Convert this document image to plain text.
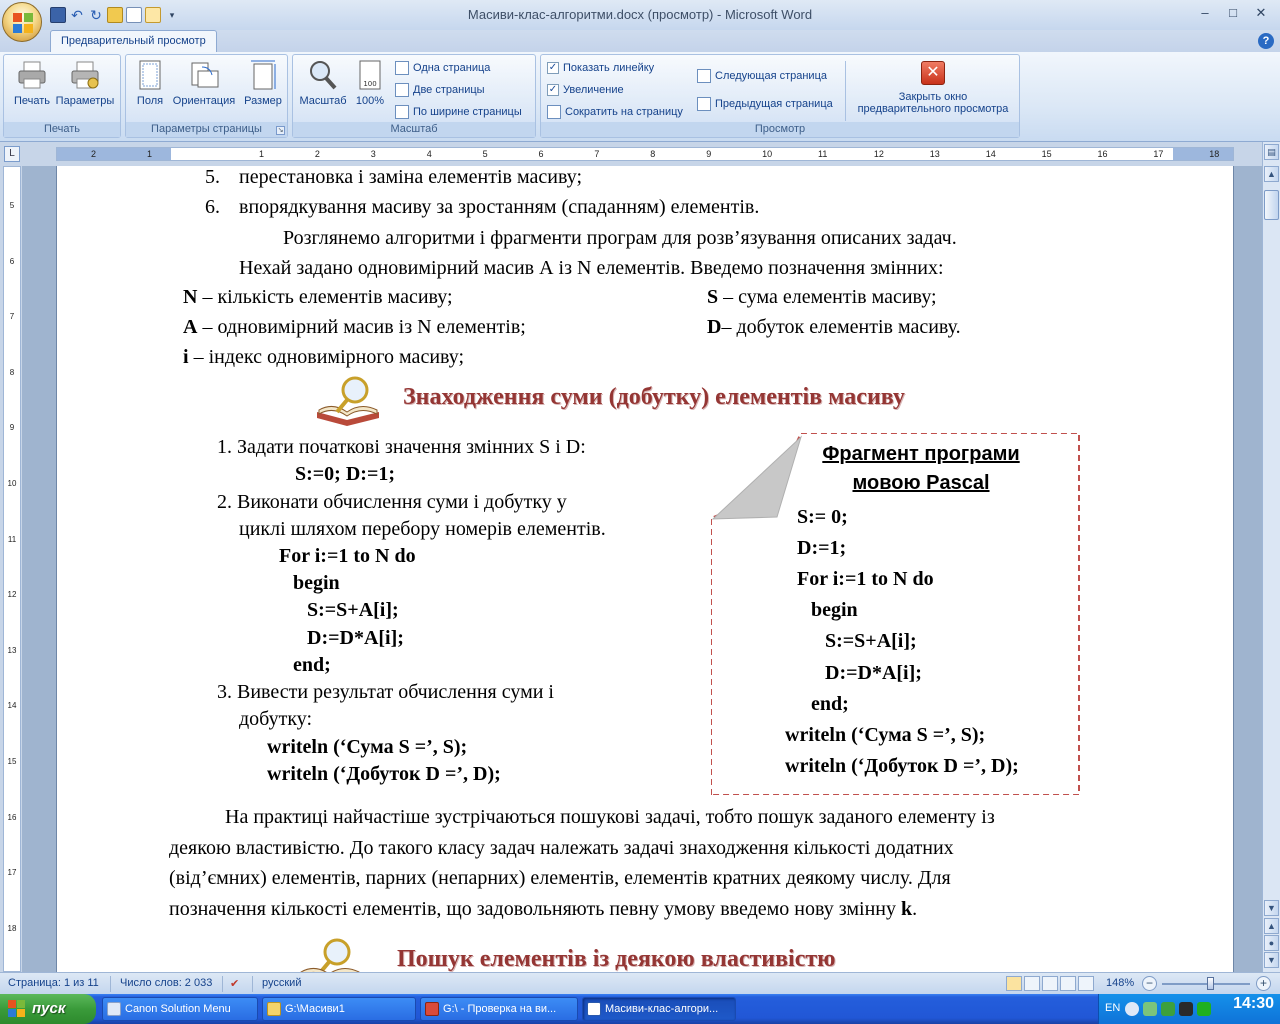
↶ ↻	▾	Масиви-клас-алгоритми.docx (просмотр) - Microsoft Word	–	□	✕
Предварительный просмотр	?
Печать Параметры
Печать
Поля Ориентация Размер
Параметры страницы	↘
Масштаб
100
100%
Одна страница
Две страницы
По ширине страницы
Масштаб
✓ Показать линейку
✓ Увеличение
Сократить на страницу
Следующая страница
Предыдущая страница
✕
Закрыть окно
предварительного просмотра
Просмотр
L	2	1	1	2	3	4	5	6	7	8	9	10	11	12	13	14	15	16	17	18
5
6
7
8
9
10
11
12
13
14
15
16
17
18
5. перестановка і заміна елементів масиву;
6. впорядкування масиву за зростанням (спаданням) елементів.
Розглянемо алгоритми і фрагменти програм для розв’язування описаних задач.
Нехай задано одновимірний масив А із N елементів. Введемо позначення змінних:
N – кількість елементів масиву;	S – сума елементів масиву;
А – одновимірний масив із N елементів;	D– добуток елементів масиву.
i – індекс одновимірного масиву;
Знаходження суми (добутку) елементів масиву
1. Задати початкові значення змінних S і D:
S:=0; D:=1;
2. Виконати обчислення суми і добутку у
циклі шляхом перебору номерів елементів.
For i:=1 to N do
begin
S:=S+A[i];
D:=D*A[i];
end;
3. Вивести результат обчислення суми і
добутку:
writeln (‘Сума S =’, S);
writeln (‘Добуток D =’, D);
Фрагмент програми
мовою Pascal
S:= 0;
D:=1;
For i:=1 to N do
begin
S:=S+A[i];
D:=D*A[i];
end;
writeln (‘Сума S =’, S);
writeln (‘Добуток D =’, D);
На практиці найчастіше зустрічаються пошукові задачі, тобто пошук заданого елементу із
деякою властивістю. До такого класу задач належать задачі знаходження кількості додатних
(від’ємних) елементів, парних (непарних) елементів, елементів кратних деякому числу. Для
позначення кількості елементів, що задовольняють певну умову введемо нову змінну k.
Пошук елементів із деякою властивістю
▤
▲
▼
▲
●
▼
Страница: 1 из 11 Число слов: 2 033 ✔ русский	148% −	+
пуск	Canon Solution Menu	G:\Масиви1	G:\ - Проверка на ви...	Масиви-клас-алгори...	EN	14:30
